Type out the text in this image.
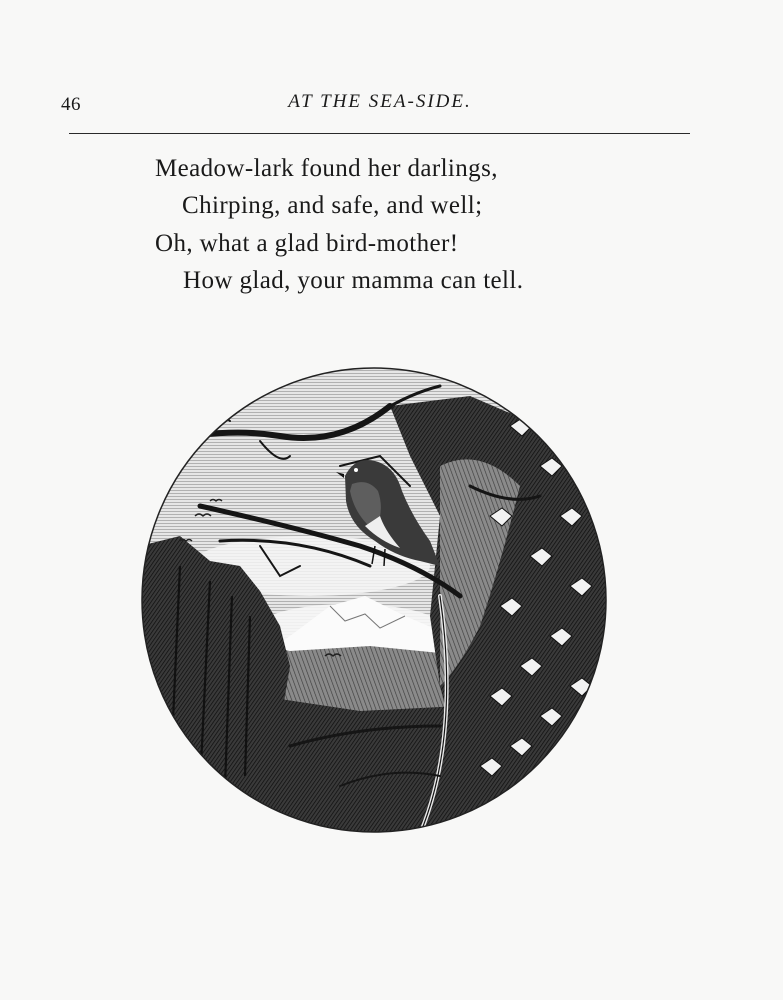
46	AT THE SEA-SIDE.
Meadow-lark found her darlings,
Chirping, and safe, and well;
Oh, what a glad bird-mother!
How glad, your mamma can tell.
